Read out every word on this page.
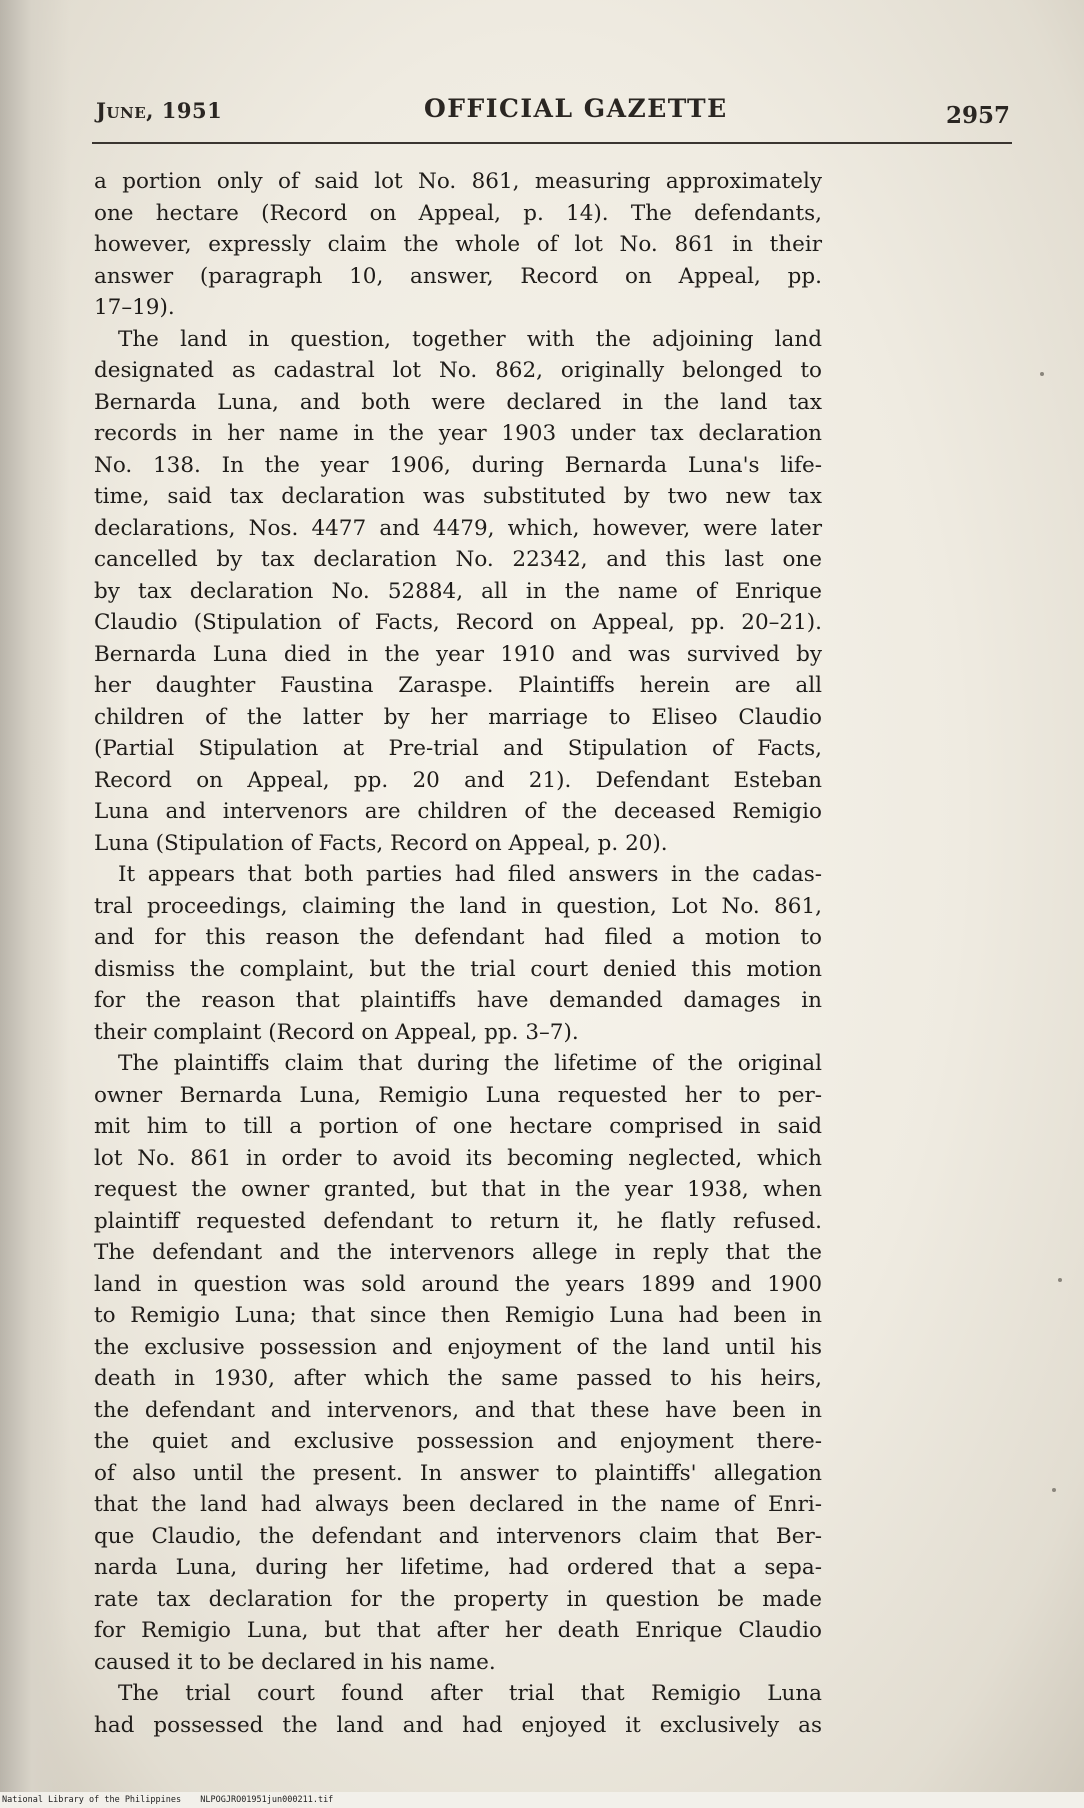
June, 1951	OFFICIAL GAZETTE	2957
a portion only of said lot No. 861, measuring approximately
one hectare (Record on Appeal, p. 14). The defendants,
however, expressly claim the whole of lot No. 861 in their
answer (paragraph 10, answer, Record on Appeal, pp.
17–19).
The land in question, together with the adjoining land
designated as cadastral lot No. 862, originally belonged to
Bernarda Luna, and both were declared in the land tax
records in her name in the year 1903 under tax declaration
No. 138. In the year 1906, during Bernarda Luna's life-
time, said tax declaration was substituted by two new tax
declarations, Nos. 4477 and 4479, which, however, were later
cancelled by tax declaration No. 22342, and this last one
by tax declaration No. 52884, all in the name of Enrique
Claudio (Stipulation of Facts, Record on Appeal, pp. 20–21).
Bernarda Luna died in the year 1910 and was survived by
her daughter Faustina Zaraspe. Plaintiffs herein are all
children of the latter by her marriage to Eliseo Claudio
(Partial Stipulation at Pre-trial and Stipulation of Facts,
Record on Appeal, pp. 20 and 21). Defendant Esteban
Luna and intervenors are children of the deceased Remigio
Luna (Stipulation of Facts, Record on Appeal, p. 20).
It appears that both parties had filed answers in the cadas-
tral proceedings, claiming the land in question, Lot No. 861,
and for this reason the defendant had filed a motion to
dismiss the complaint, but the trial court denied this motion
for the reason that plaintiffs have demanded damages in
their complaint (Record on Appeal, pp. 3–7).
The plaintiffs claim that during the lifetime of the original
owner Bernarda Luna, Remigio Luna requested her to per-
mit him to till a portion of one hectare comprised in said
lot No. 861 in order to avoid its becoming neglected, which
request the owner granted, but that in the year 1938, when
plaintiff requested defendant to return it, he flatly refused.
The defendant and the intervenors allege in reply that the
land in question was sold around the years 1899 and 1900
to Remigio Luna; that since then Remigio Luna had been in
the exclusive possession and enjoyment of the land until his
death in 1930, after which the same passed to his heirs,
the defendant and intervenors, and that these have been in
the quiet and exclusive possession and enjoyment there-
of also until the present. In answer to plaintiffs' allegation
that the land had always been declared in the name of Enri-
que Claudio, the defendant and intervenors claim that Ber-
narda Luna, during her lifetime, had ordered that a sepa-
rate tax declaration for the property in question be made
for Remigio Luna, but that after her death Enrique Claudio
caused it to be declared in his name.
The trial court found after trial that Remigio Luna
had possessed the land and had enjoyed it exclusively as
National Library of the Philippines NLPOGJRO01951jun000211.tif
